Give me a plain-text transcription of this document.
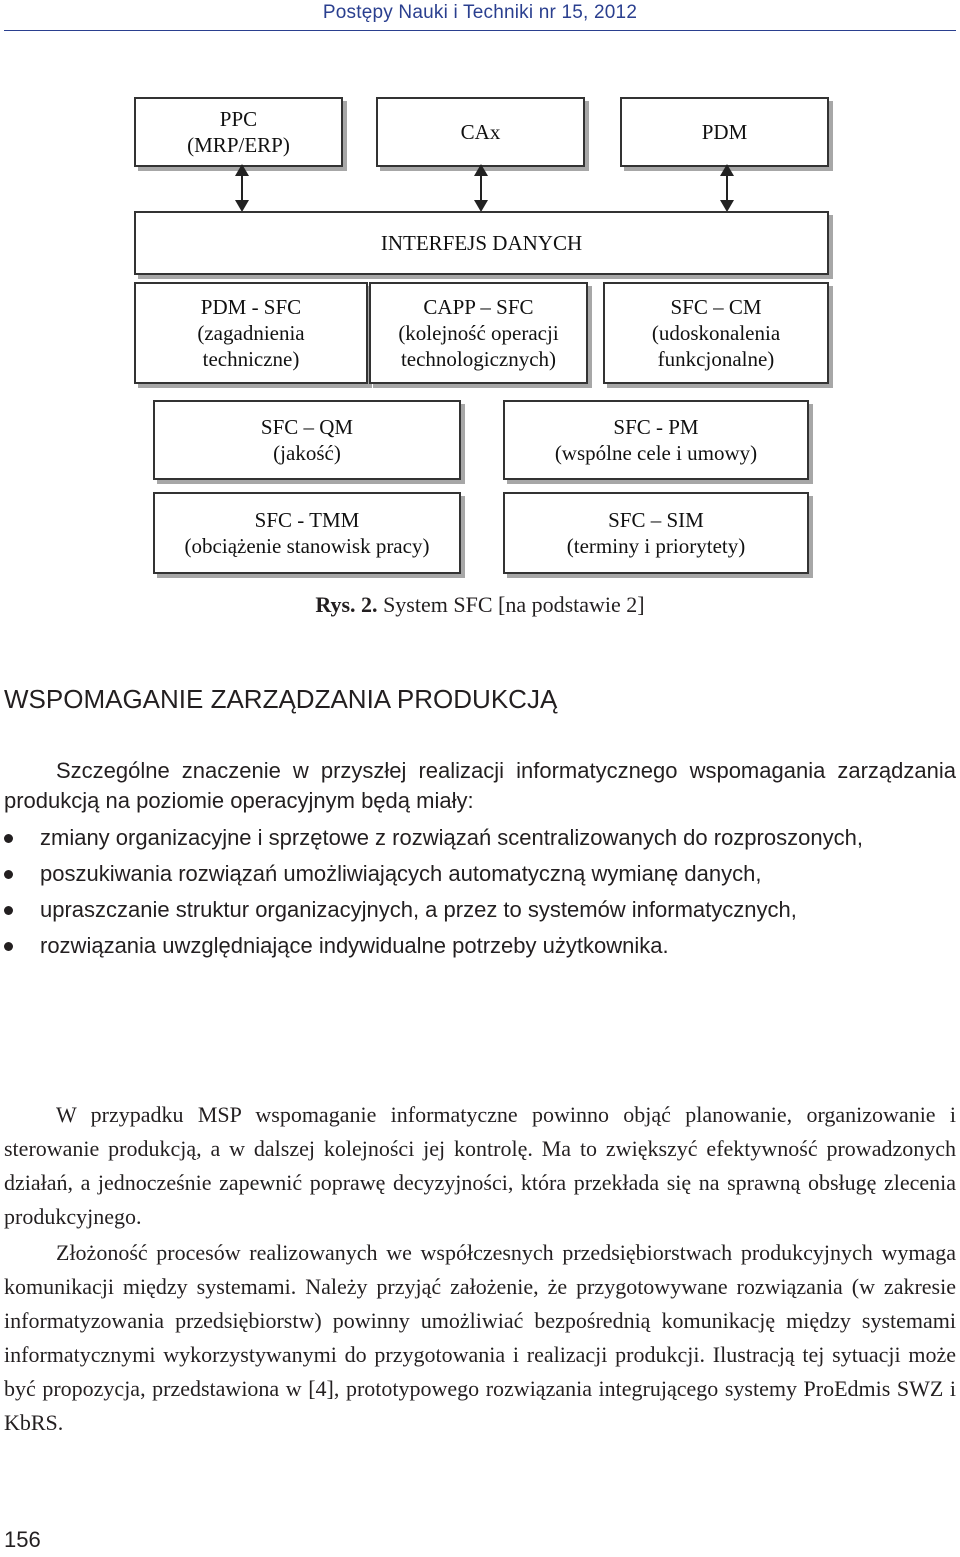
Postępy Nauki i Techniki nr 15, 2012
PPC
(MRP/ERP)
CAx	PDM
INTERFEJS DANYCH
PDM - SFC
(zagadnienia
techniczne)
CAPP – SFC
(kolejność operacji
technologicznych)
SFC – CM
(udoskonalenia
funkcjonalne)
SFC – QM
(jakość)
SFC - PM
(wspólne cele i umowy)
SFC - TMM
(obciążenie stanowisk pracy)
SFC – SIM
(terminy i priorytety)
Rys. 2. System SFC [na podstawie 2]
WSPOMAGANIE ZARZĄDZANIA PRODUKCJĄ

Szczególne znaczenie w przyszłej realizacji informatycznego wspomagania zarządzania produkcją na poziomie operacyjnym będą miały:

zmiany organizacyjne i sprzętowe z rozwiązań scentralizowanych do rozproszonych,
poszukiwania rozwiązań umożliwiających automatyczną wymianę danych,
upraszczanie struktur organizacyjnych, a przez to systemów informatycznych,
rozwiązania uwzględniające indywidualne potrzeby użytkownika.

W przypadku MSP wspomaganie informatyczne powinno objąć planowanie, organizowanie i sterowanie produkcją, a w dalszej kolejności jej kontrolę. Ma to zwiększyć efektywność prowadzonych działań, a jednocześnie zapewnić poprawę decyzyjności, która przekłada się na sprawną obsługę zlecenia produkcyjnego.

Złożoność procesów realizowanych we współczesnych przedsiębiorstwach produkcyjnych wymaga komunikacji między systemami. Należy przyjąć założenie, że przygotowywane rozwiązania (w zakresie informatyzowania przedsiębiorstw) powinny umożliwiać bezpośrednią komunikację między systemami informatycznymi wykorzystywanymi do przygotowania i realizacji produkcji. Ilustracją tej sytuacji może być propozycja, przedstawiona w [4], prototypowego rozwiązania integrującego systemy ProEdmis SWZ i KbRS.

156
